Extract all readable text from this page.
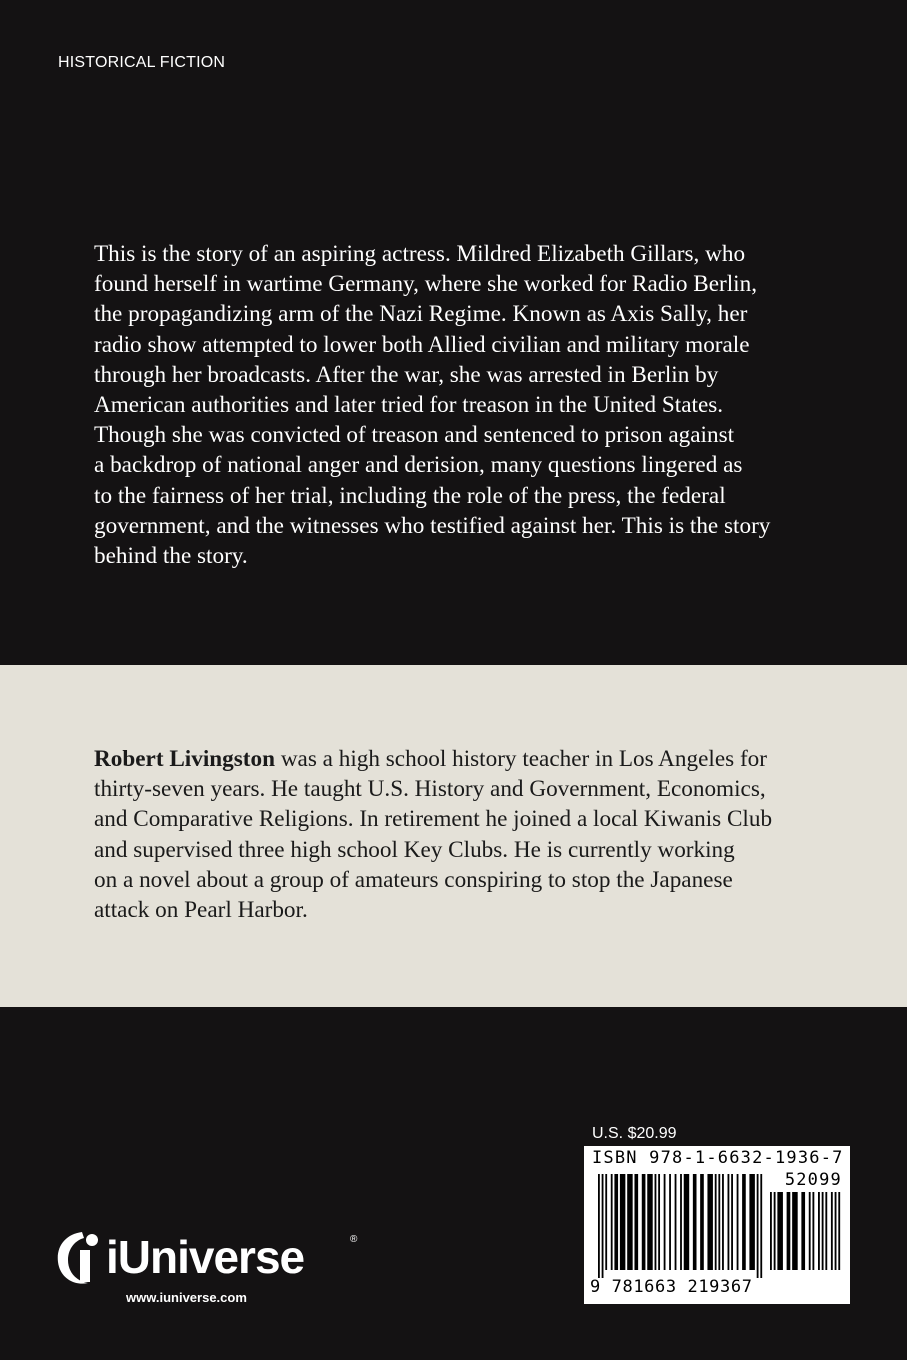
HISTORICAL FICTION
This is the story of an aspiring actress. Mildred Elizabeth Gillars, who
found herself in wartime Germany, where she worked for Radio Berlin,
the propagandizing arm of the Nazi Regime. Known as Axis Sally, her
radio show attempted to lower both Allied civilian and military morale
through her broadcasts. After the war, she was arrested in Berlin by
American authorities and later tried for treason in the United States.
Though she was convicted of treason and sentenced to prison against
a backdrop of national anger and derision, many questions lingered as
to the fairness of her trial, including the role of the press, the federal
government, and the witnesses who testified against her. This is the story
behind the story.
Robert Livingston was a high school history teacher in Los Angeles for
thirty-seven years. He taught U.S. History and Government, Economics,
and Comparative Religions. In retirement he joined a local Kiwanis Club
and supervised three high school Key Clubs. He is currently working
on a novel about a group of amateurs conspiring to stop the Japanese
attack on Pearl Harbor.
U.S. $20.99
ISBN 978-1-6632-1936-7
52099
9 781663 219367
iUniverse	®
www.iuniverse.com
